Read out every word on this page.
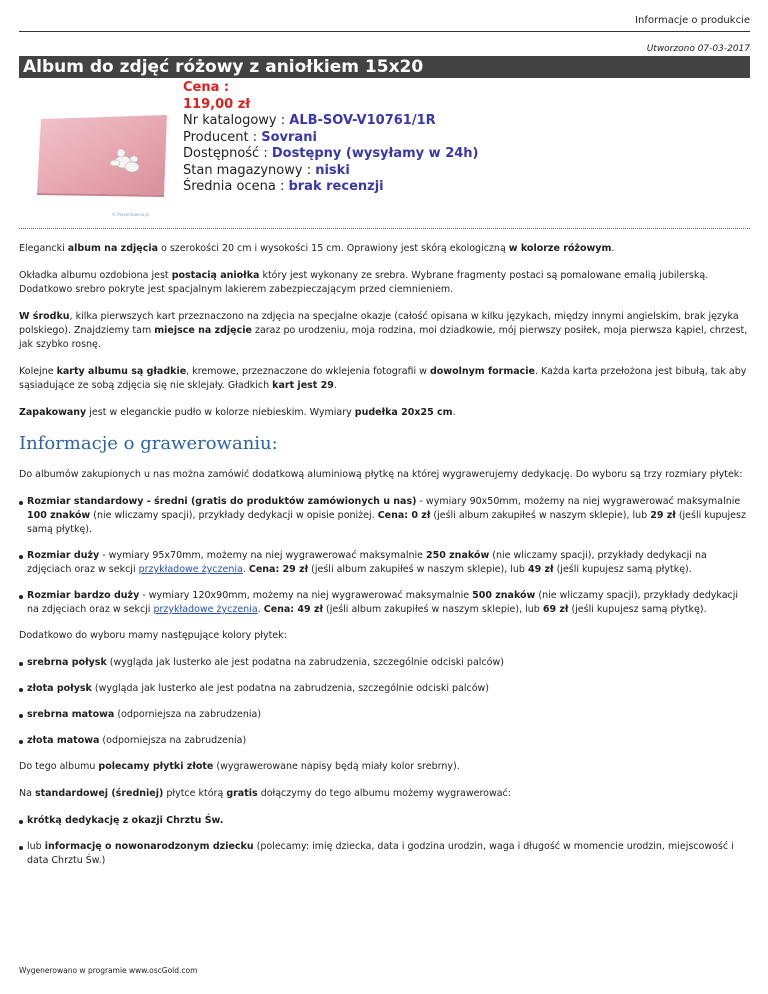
Informacje o produkcie
Utworzono 07-03-2017
Album do zdjęć różowy z aniołkiem 15x20
© Prezentownia.pl
Cena :
119,00 zł
Nr katalogowy : ALB-SOV-V10761/1R
Producent : Sovrani
Dostępność : Dostępny (wysyłamy w 24h)
Stan magazynowy : niski
Średnia ocena : brak recenzji

Elegancki album na zdjęcia o szerokości 20 cm i wysokości 15 cm. Oprawiony jest skórą ekologiczną w kolorze różowym.

Okładka albumu ozdobiona jest postacią aniołka który jest wykonany ze srebra. Wybrane fragmenty postaci są pomalowane emalią jubilerską. Dodatkowo srebro pokryte jest spacjalnym lakierem zabezpieczającym przed ciemnieniem.

W środku, kilka pierwszych kart przeznaczono na zdjęcia na specjalne okazje (całość opisana w kilku językach, między innymi angielskim, brak języka polskiego). Znajdziemy tam miejsce na zdjęcie zaraz po urodzeniu, moja rodzina, moi dziadkowie, mój pierwszy posiłek, moja pierwsza kąpiel, chrzest, jak szybko rosnę.

Kolejne karty albumu są gładkie, kremowe, przeznaczone do wklejenia fotografii w dowolnym formacie. Każda karta przełożona jest bibułą, tak aby sąsiadujące ze sobą zdjęcia się nie sklejały. Gładkich kart jest 29.

Zapakowany jest w eleganckie pudło w kolorze niebieskim. Wymiary pudełka 20x25 cm.

Informacje o grawerowaniu:

Do albumów zakupionych u nas można zamówić dodatkową aluminiową płytkę na której wygrawerujemy dedykację. Do wyboru są trzy rozmiary płytek:

Rozmiar standardowy - średni (gratis do produktów zamówionych u nas) - wymiary 90x50mm, możemy na niej wygrawerować maksymalnie 100 znaków (nie wliczamy spacji), przykłady dedykacji w opisie poniżej. Cena: 0 zł (jeśli album zakupiłeś w naszym sklepie), lub 29 zł (jeśli kupujesz samą płytkę).
Rozmiar duży - wymiary 95x70mm, możemy na niej wygrawerować maksymalnie 250 znaków (nie wliczamy spacji), przykłady dedykacji na zdjęciach oraz w sekcji przykładowe życzenia. Cena: 29 zł (jeśli album zakupiłeś w naszym sklepie), lub 49 zł (jeśli kupujesz samą płytkę).
Rozmiar bardzo duży - wymiary 120x90mm, możemy na niej wygrawerować maksymalnie 500 znaków (nie wliczamy spacji), przykłady dedykacji na zdjęciach oraz w sekcji przykładowe życzenia. Cena: 49 zł (jeśli album zakupiłeś w naszym sklepie), lub 69 zł (jeśli kupujesz samą płytkę).

Dodatkowo do wyboru mamy następujące kolory płytek:

srebrna połysk (wygląda jak lusterko ale jest podatna na zabrudzenia, szczególnie odciski palców)
złota połysk (wygląda jak lusterko ale jest podatna na zabrudzenia, szczególnie odciski palców)
srebrna matowa (odporniejsza na zabrudzenia)
złota matowa (odporniejsza na zabrudzenia)

Do tego albumu polecamy płytki złote (wygrawerowane napisy będą miały kolor srebrny).

Na standardowej (średniej) płytce którą gratis dołączymy do tego albumu możemy wygrawerować:

krótką dedykację z okazji Chrztu Św.
lub informację o nowonarodzonym dziecku (polecamy: imię dziecka, data i godzina urodzin, waga i długość w momencie urodzin, miejscowość i data Chrztu Św.)
Wygenerowano w programie www.oscGold.com
